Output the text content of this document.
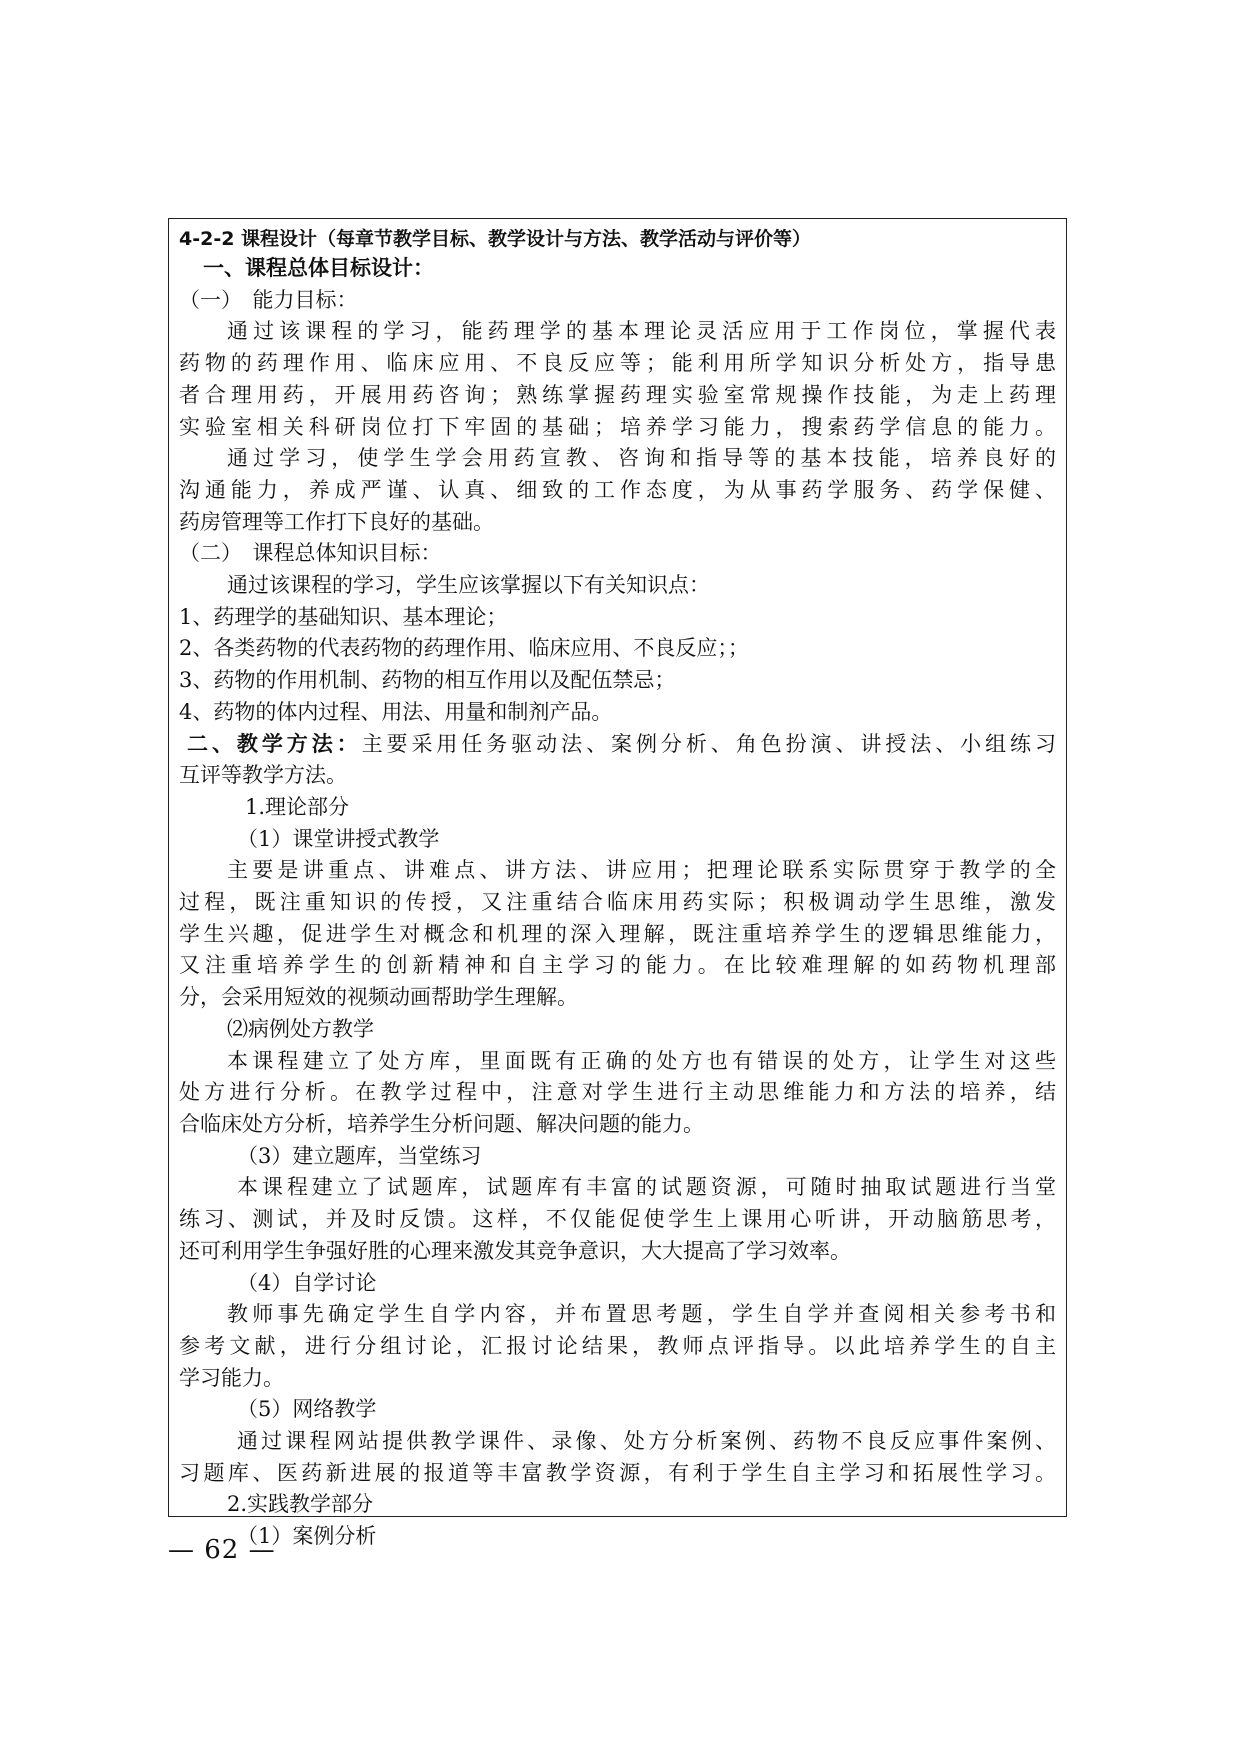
4-2-2 课程设计（每章节教学目标、教学设计与方法、教学活动与评价等）
一、课程总体目标设计：
（一）　能力目标：
通过该课程的学习，能药理学的基本理论灵活应用于工作岗位，掌握代表
药物的药理作用、临床应用、不良反应等；能利用所学知识分析处方，指导患
者合理用药，开展用药咨询；熟练掌握药理实验室常规操作技能，为走上药理
实验室相关科研岗位打下牢固的基础；培养学习能力，搜索药学信息的能力。
通过学习，使学生学会用药宣教、咨询和指导等的基本技能，培养良好的
沟通能力，养成严谨、认真、细致的工作态度，为从事药学服务、药学保健、
药房管理等工作打下良好的基础。
（二）　课程总体知识目标：
通过该课程的学习，学生应该掌握以下有关知识点：
1、药理学的基础知识、基本理论；
2、各类药物的代表药物的药理作用、临床应用、不良反应；；
3、药物的作用机制、药物的相互作用以及配伍禁忌；
4、药物的体内过程、用法、用量和制剂产品。
二、教学方法：主要采用任务驱动法、案例分析、角色扮演、讲授法、小组练习
互评等教学方法。
1.理论部分
（1）课堂讲授式教学
主要是讲重点、讲难点、讲方法、讲应用；把理论联系实际贯穿于教学的全
过程，既注重知识的传授，又注重结合临床用药实际；积极调动学生思维，激发
学生兴趣，促进学生对概念和机理的深入理解，既注重培养学生的逻辑思维能力，
又注重培养学生的创新精神和自主学习的能力。在比较难理解的如药物机理部
分，会采用短效的视频动画帮助学生理解。
⑵病例处方教学
本课程建立了处方库，里面既有正确的处方也有错误的处方，让学生对这些
处方进行分析。在教学过程中，注意对学生进行主动思维能力和方法的培养，结
合临床处方分析，培养学生分析问题、解决问题的能力。
（3）建立题库，当堂练习
本课程建立了试题库，试题库有丰富的试题资源，可随时抽取试题进行当堂
练习、测试，并及时反馈。这样，不仅能促使学生上课用心听讲，开动脑筋思考，
还可利用学生争强好胜的心理来激发其竞争意识，大大提高了学习效率。
（4）自学讨论
教师事先确定学生自学内容，并布置思考题，学生自学并查阅相关参考书和
参考文献，进行分组讨论，汇报讨论结果，教师点评指导。以此培养学生的自主
学习能力。
（5）网络教学
通过课程网站提供教学课件、录像、处方分析案例、药物不良反应事件案例、
习题库、医药新进展的报道等丰富教学资源，有利于学生自主学习和拓展性学习。
2.实践教学部分
（1）案例分析
— 62 —
